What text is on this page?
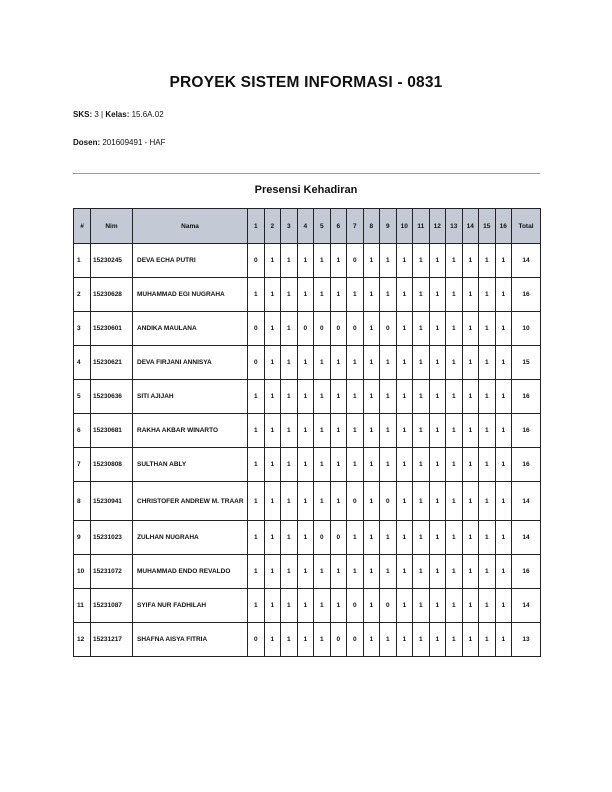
PROYEK SISTEM INFORMASI - 0831
SKS: 3 | Kelas: 15.6A.02
Dosen: 201609491 - HAF
Presensi Kehadiran
#	Nim	Nama	1	2	3	4	5	6	7	8	9	10	11	12	13	14	15	16	Total
1	15230245	DEVA ECHA PUTRI	0	1	1	1	1	1	0	1	1	1	1	1	1	1	1	1	14
2	15230628	MUHAMMAD EGI NUGRAHA	1	1	1	1	1	1	1	1	1	1	1	1	1	1	1	1	16
3	15230601	ANDIKA MAULANA	0	1	1	0	0	0	0	1	0	1	1	1	1	1	1	1	10
4	15230621	DEVA FIRJANI ANNISYA	0	1	1	1	1	1	1	1	1	1	1	1	1	1	1	1	15
5	15230636	SITI AJIJAH	1	1	1	1	1	1	1	1	1	1	1	1	1	1	1	1	16
6	15230681	RAKHA AKBAR WINARTO	1	1	1	1	1	1	1	1	1	1	1	1	1	1	1	1	16
7	15230808	SULTHAN ABLY	1	1	1	1	1	1	1	1	1	1	1	1	1	1	1	1	16
8	15230941	CHRISTOFER ANDREW M. TRAAR	1	1	1	1	1	1	0	1	0	1	1	1	1	1	1	1	14
9	15231023	ZULHAN NUGRAHA	1	1	1	1	0	0	1	1	1	1	1	1	1	1	1	1	14
10	15231072	MUHAMMAD ENDO REVALDO	1	1	1	1	1	1	1	1	1	1	1	1	1	1	1	1	16
11	15231087	SYIFA NUR FADHILAH	1	1	1	1	1	1	0	1	0	1	1	1	1	1	1	1	14
12	15231217	SHAFNA AISYA FITRIA	0	1	1	1	1	0	0	1	1	1	1	1	1	1	1	1	13
